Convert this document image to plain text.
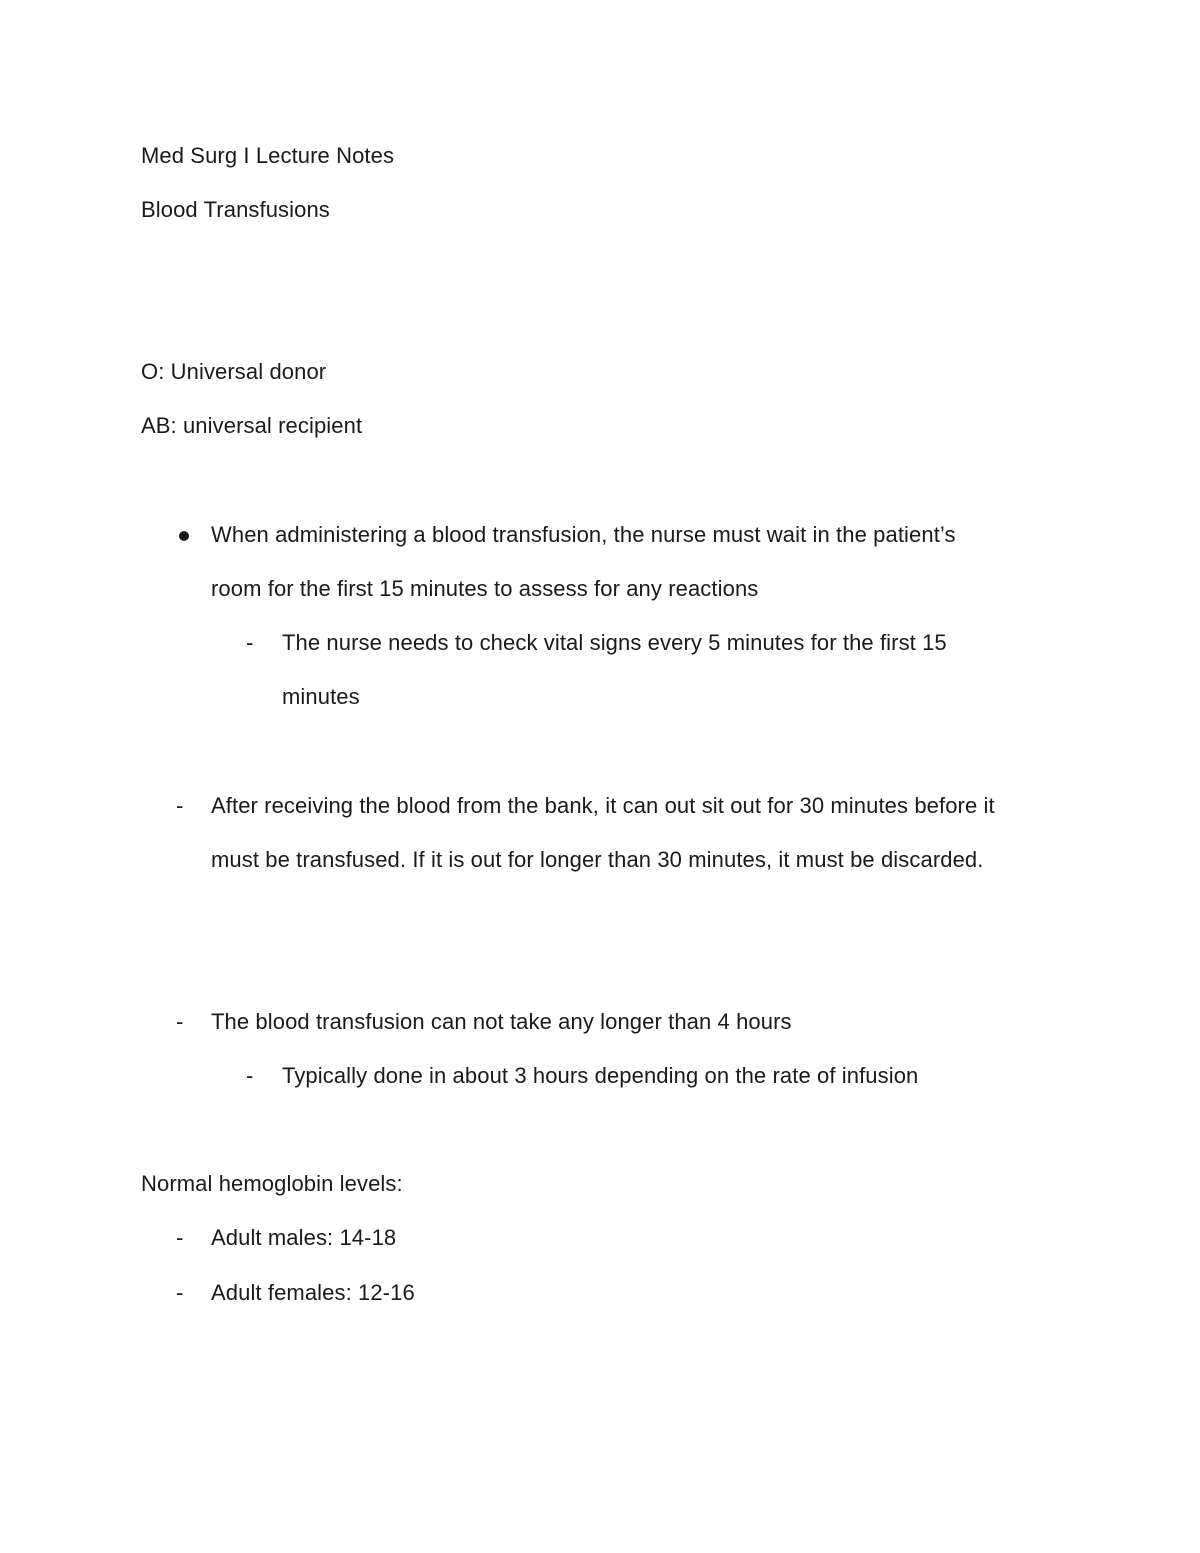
Med Surg I Lecture Notes
Blood Transfusions
O: Universal donor
AB: universal recipient
When administering a blood transfusion, the nurse must wait in the patient’s
room for the first 15 minutes to assess for any reactions
- The nurse needs to check vital signs every 5 minutes for the first 15
minutes
- After receiving the blood from the bank, it can out sit out for 30 minutes before it
must be transfused. If it is out for longer than 30 minutes, it must be discarded.
- The blood transfusion can not take any longer than 4 hours
- Typically done in about 3 hours depending on the rate of infusion
Normal hemoglobin levels:
- Adult males: 14-18
- Adult females: 12-16
